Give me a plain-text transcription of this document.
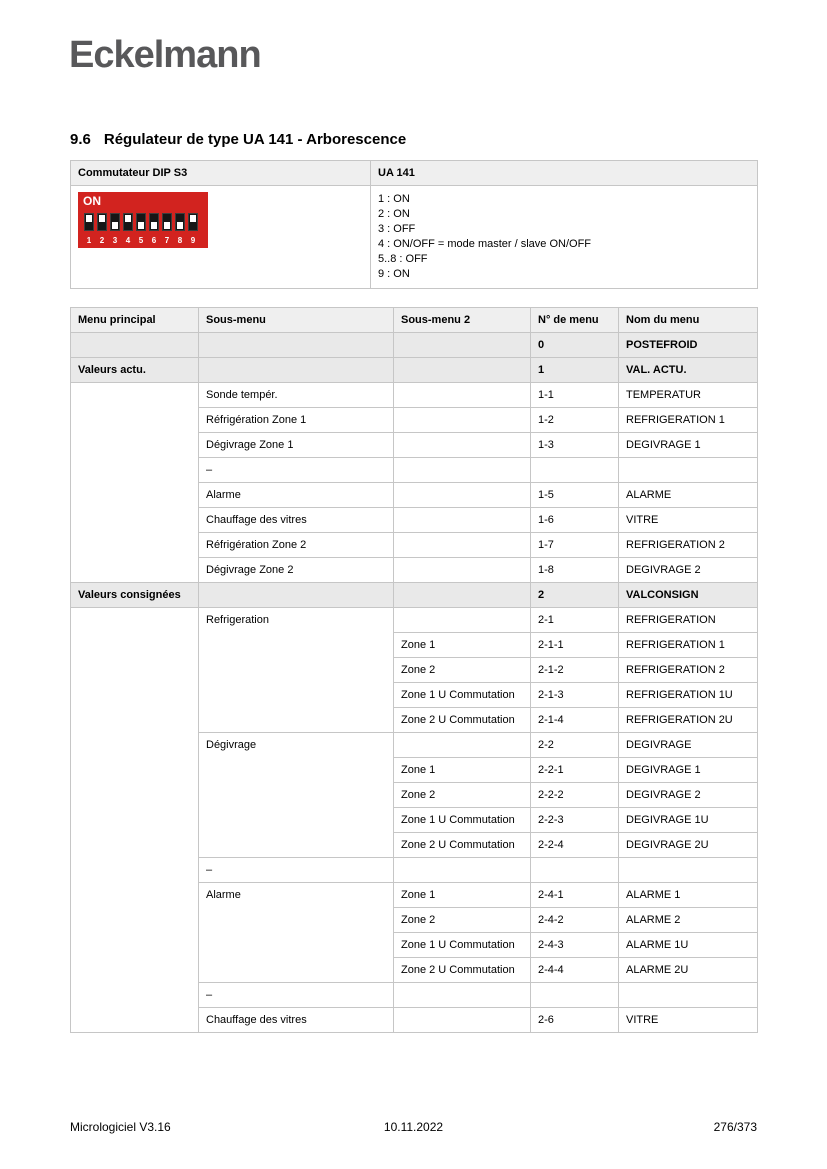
Eckelmann
9.6 Régulateur de type UA 141 - Arborescence
Commutateur DIP S3	UA 141

ON
1	2	3	4	5	6	7	8	9

1 : ON
2 : ON
3 : OFF
4 : ON/OFF = mode master / slave ON/OFF
5..8 : OFF
9 : ON
Menu principal	Sous-menu	Sous-menu 2	N° de menu	Nom du menu
			0	POSTEFROID
Valeurs actu.			1	VAL. ACTU.
	Sonde tempér.		1-1	TEMPERATUR
	Réfrigération Zone 1		1-2	REFRIGERATION 1
	Dégivrage Zone 1		1-3	DEGIVRAGE 1
	–			
	Alarme		1-5	ALARME
	Chauffage des vitres		1-6	VITRE
	Réfrigération Zone 2		1-7	REFRIGERATION 2
	Dégivrage Zone 2		1-8	DEGIVRAGE 2
Valeurs consignées			2	VALCONSIGN
	Refrigeration		2-1	REFRIGERATION
		Zone 1	2-1-1	REFRIGERATION 1
		Zone 2	2-1-2	REFRIGERATION 2
		Zone 1 U Commutation	2-1-3	REFRIGERATION 1U
		Zone 2 U Commutation	2-1-4	REFRIGERATION 2U
	Dégivrage		2-2	DEGIVRAGE
		Zone 1	2-2-1	DEGIVRAGE 1
		Zone 2	2-2-2	DEGIVRAGE 2
		Zone 1 U Commutation	2-2-3	DEGIVRAGE 1U
		Zone 2 U Commutation	2-2-4	DEGIVRAGE 2U
	–			
	Alarme	Zone 1	2-4-1	ALARME 1
		Zone 2	2-4-2	ALARME 2
		Zone 1 U Commutation	2-4-3	ALARME 1U
		Zone 2 U Commutation	2-4-4	ALARME 2U
	–			
	Chauffage des vitres		2-6	VITRE
Micrologiciel V3.16	10.11.2022	276/373
